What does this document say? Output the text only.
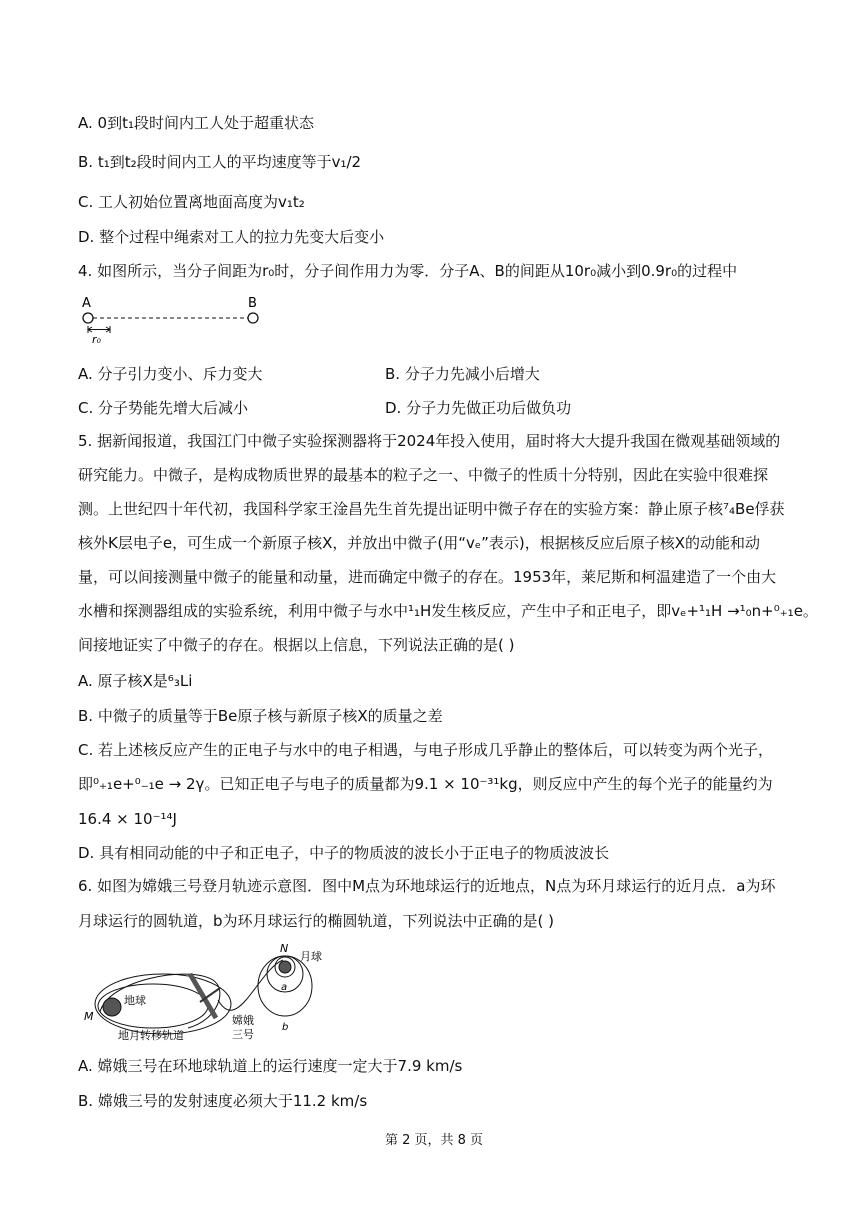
A. 0到t₁段时间内工人处于超重状态
B. t₁到t₂段时间内工人的平均速度等于v₁/2
C. 工人初始位置离地面高度为v₁t₂
D. 整个过程中绳索对工人的拉力先变大后变小
4. 如图所示，当分子间距为r₀时，分子间作用力为零．分子A、B的间距从10r₀减小到0.9r₀的过程中
A	B
r₀
A. 分子引力变小、斥力变大	B. 分子力先减小后增大
C. 分子势能先增大后减小	D. 分子力先做正功后做负功
5. 据新闻报道，我国江门中微子实验探测器将于2024年投入使用，届时将大大提升我国在微观基础领域的
研究能力。中微子，是构成物质世界的最基本的粒子之一、中微子的性质十分特别，因此在实验中很难探
测。上世纪四十年代初，我国科学家王淦昌先生首先提出证明中微子存在的实验方案：静止原子核⁷₄Be俘获
核外K层电子e，可生成一个新原子核X，并放出中微子(用“vₑ”表示)，根据核反应后原子核X的动能和动
量，可以间接测量中微子的能量和动量，进而确定中微子的存在。1953年，莱尼斯和柯温建造了一个由大
水槽和探测器组成的实验系统，利用中微子与水中¹₁H发生核反应，产生中子和正电子，即vₑ+¹₁H →¹₀n+⁰₊₁e。
间接地证实了中微子的存在。根据以上信息，下列说法正确的是( )
A. 原子核X是⁶₃Li
B. 中微子的质量等于Be原子核与新原子核X的质量之差
C. 若上述核反应产生的正电子与水中的电子相遇，与电子形成几乎静止的整体后，可以转变为两个光子，
即⁰₊₁e+⁰₋₁e → 2γ。已知正电子与电子的质量都为9.1 × 10⁻³¹kg，则反应中产生的每个光子的能量约为
16.4 × 10⁻¹⁴J
D. 具有相同动能的中子和正电子，中子的物质波的波长小于正电子的物质波波长
6. 如图为嫦娥三号登月轨迹示意图．图中M点为环地球运行的近地点，N点为环月球运行的近月点．a为环
月球运行的圆轨道，b为环月球运行的椭圆轨道，下列说法中正确的是( )
地球
M
地月转移轨道
嫦娥
三号
N
月球
a
b
A. 嫦娥三号在环地球轨道上的运行速度一定大于7.9 km/s
B. 嫦娥三号的发射速度必须大于11.2 km/s
第 2 页，共 8 页
